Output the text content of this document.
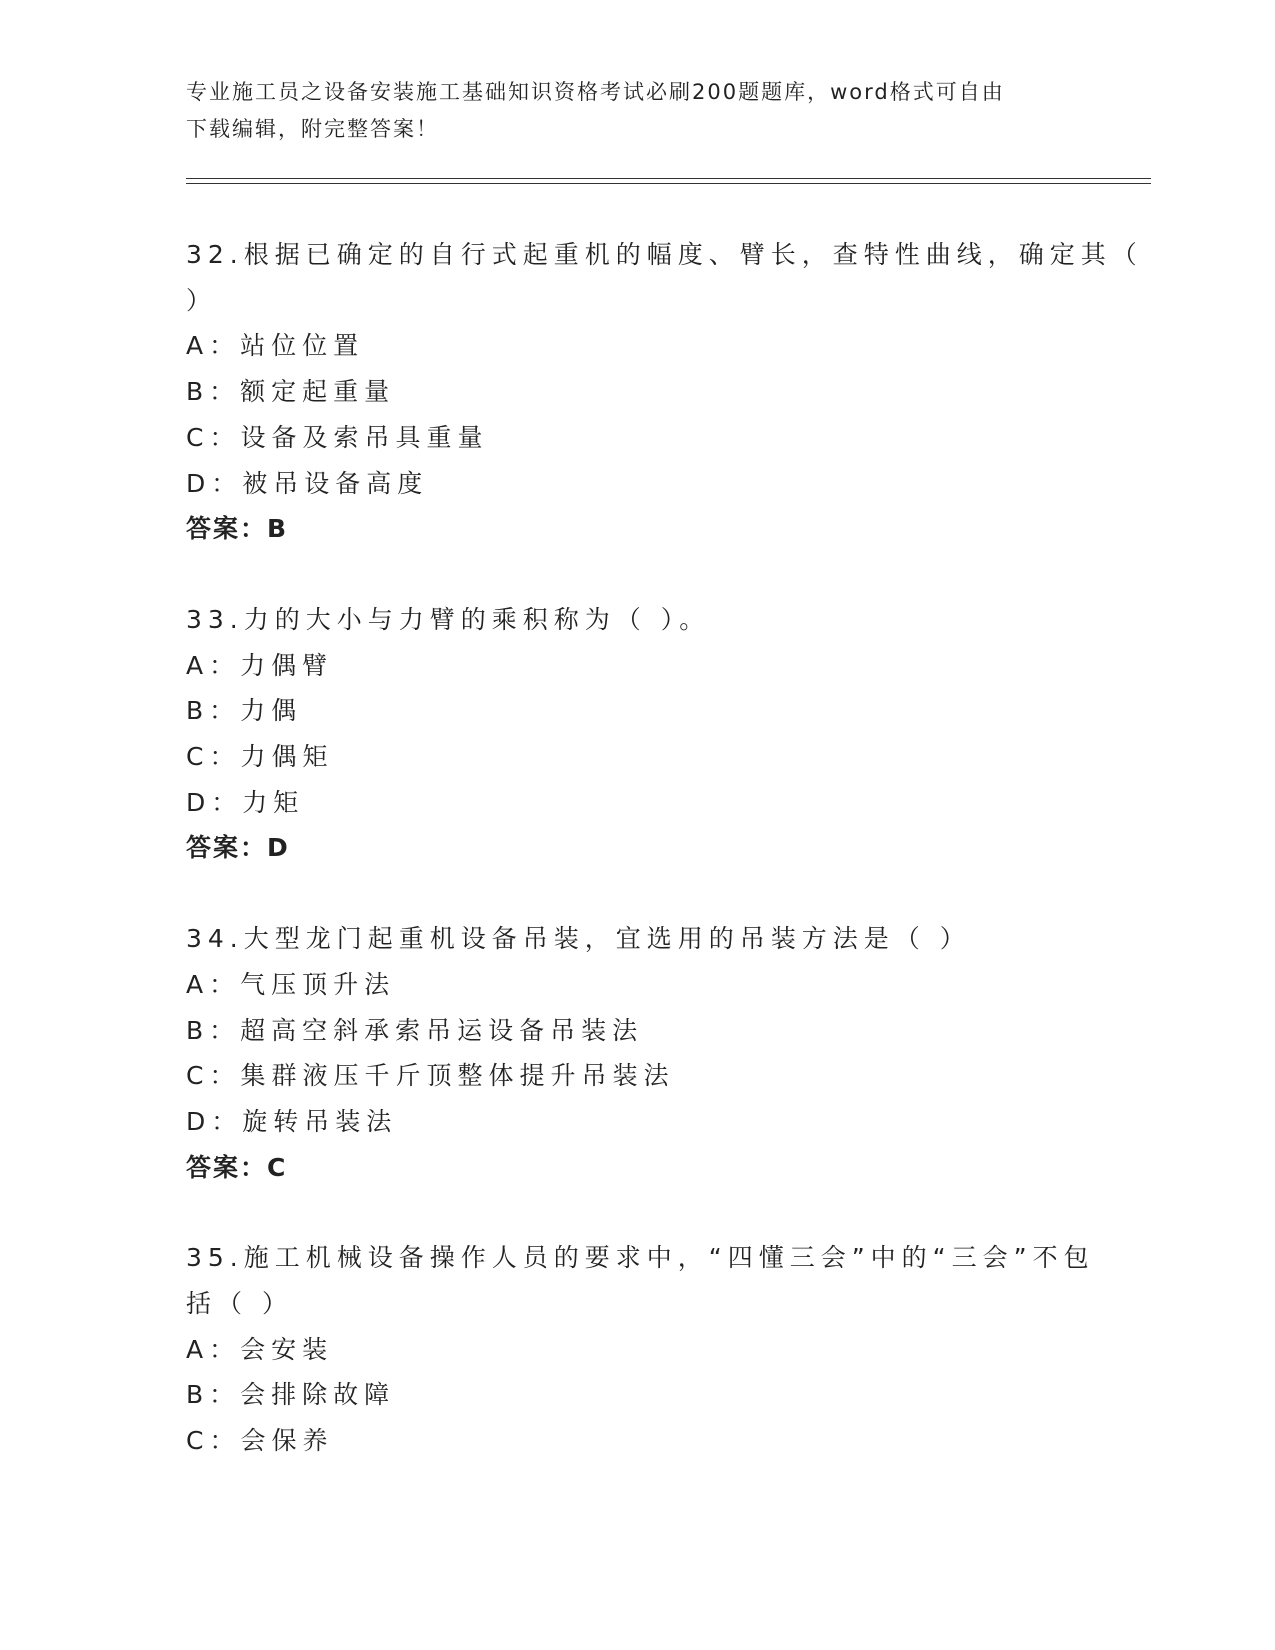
专业施工员之设备安装施工基础知识资格考试必刷200题题库，word格式可自由

下载编辑，附完整答案！

32.根据已确定的自行式起重机的幅度、臂长，查特性曲线，确定其（
）

A：站位位置

B：额定起重量

C：设备及索吊具重量

D：被吊设备高度

答案：B

33.力的大小与力臂的乘积称为（ ）。

A：力偶臂

B：力偶

C：力偶矩

D：力矩

答案：D

34.大型龙门起重机设备吊装，宜选用的吊装方法是（ ）

A：气压顶升法

B：超高空斜承索吊运设备吊装法

C：集群液压千斤顶整体提升吊装法

D：旋转吊装法

答案：C

35.施工机械设备操作人员的要求中，“四懂三会”中的“三会”不包
括（ ）

A：会安装

B：会排除故障

C：会保养
